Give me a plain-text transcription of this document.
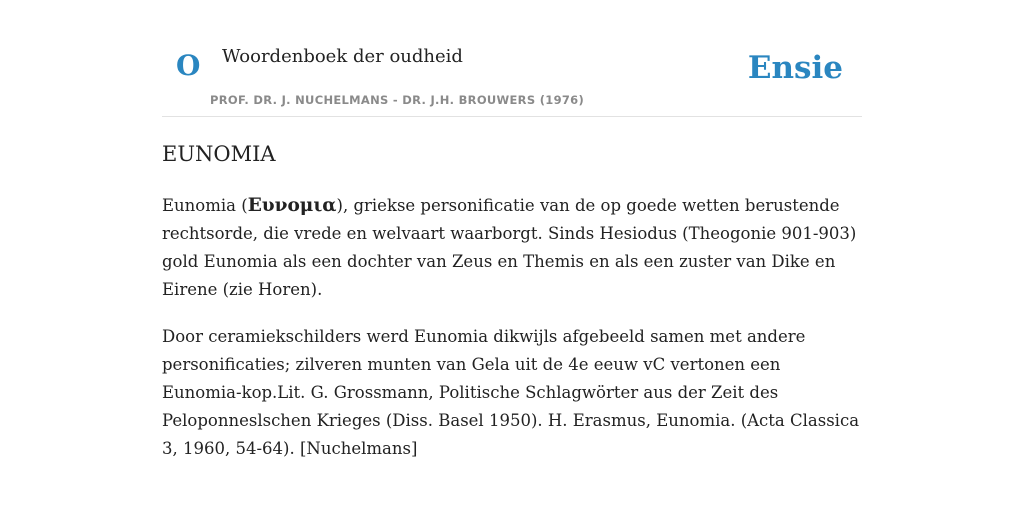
O Woordenboek der oudheid
PROF. DR. J. NUCHELMANS - DR. J.H. BROUWERS (1976)
Ensie
EUNOMIA

Eunomia (Ευνομια), griekse personificatie van de op goede wetten berustende rechtsorde, die vrede en welvaart waarborgt. Sinds Hesiodus (Theogonie 901-903) gold Eunomia als een dochter van Zeus en Themis en als een zuster van Dike en Eirene (zie Horen).

Door ceramiekschilders werd Eunomia dikwijls afgebeeld samen met andere personificaties; zilveren munten van Gela uit de 4e eeuw vC vertonen een Eunomia-kop.Lit. G. Grossmann, Politische Schlagwörter aus der Zeit des Peloponneslschen Krieges (Diss. Basel 1950). H. Erasmus, Eunomia. (Acta Classica 3, 1960, 54-64). [Nuchelmans]
